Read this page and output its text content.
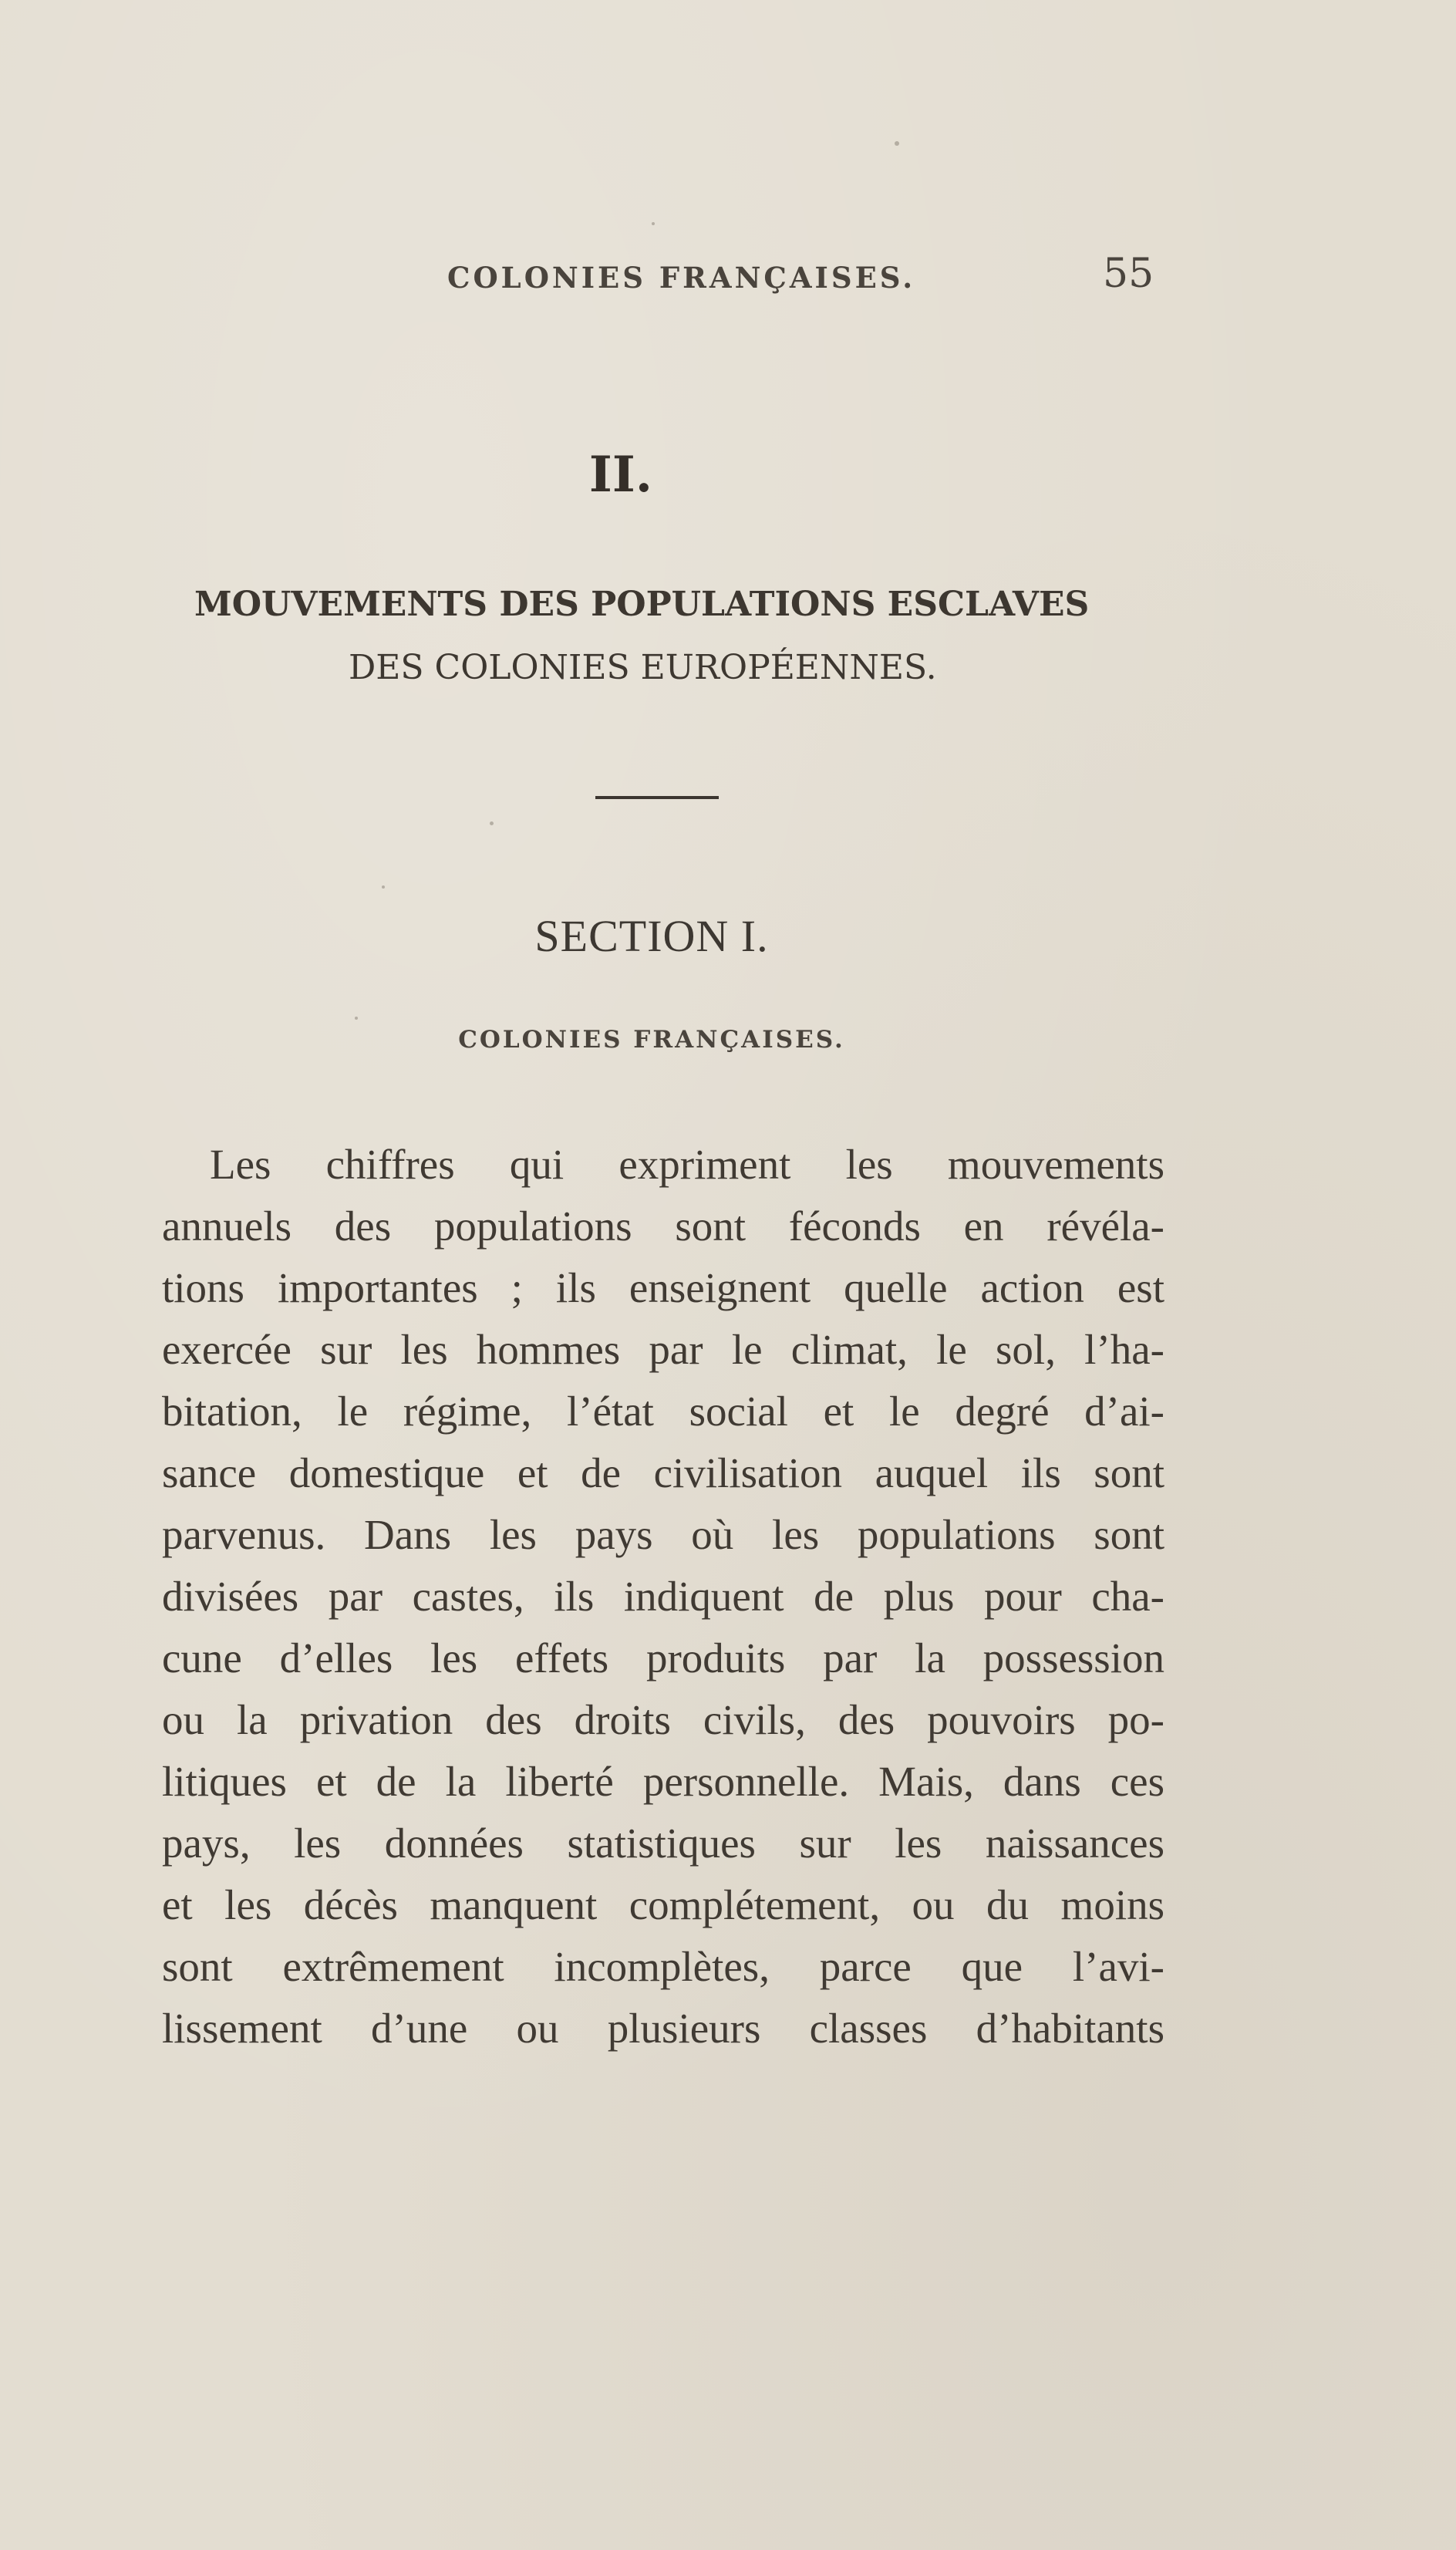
COLONIES FRANÇAISES.	55
II.
MOUVEMENTS DES POPULATIONS ESCLAVES
DES COLONIES EUROPÉENNES.
SECTION I.
COLONIES FRANÇAISES.
Les chiffres qui expriment les mouvements
annuels des populations sont féconds en révéla-
tions importantes ; ils enseignent quelle action est
exercée sur les hommes par le climat, le sol, l’ha-
bitation, le régime, l’état social et le degré d’ai-
sance domestique et de civilisation auquel ils sont
parvenus. Dans les pays où les populations sont
divisées par castes, ils indiquent de plus pour cha-
cune d’elles les effets produits par la possession
ou la privation des droits civils, des pouvoirs po-
litiques et de la liberté personnelle. Mais, dans ces
pays, les données statistiques sur les naissances
et les décès manquent complétement, ou du moins
sont extrêmement incomplètes, parce que l’avi-
lissement d’une ou plusieurs classes d’habitants
